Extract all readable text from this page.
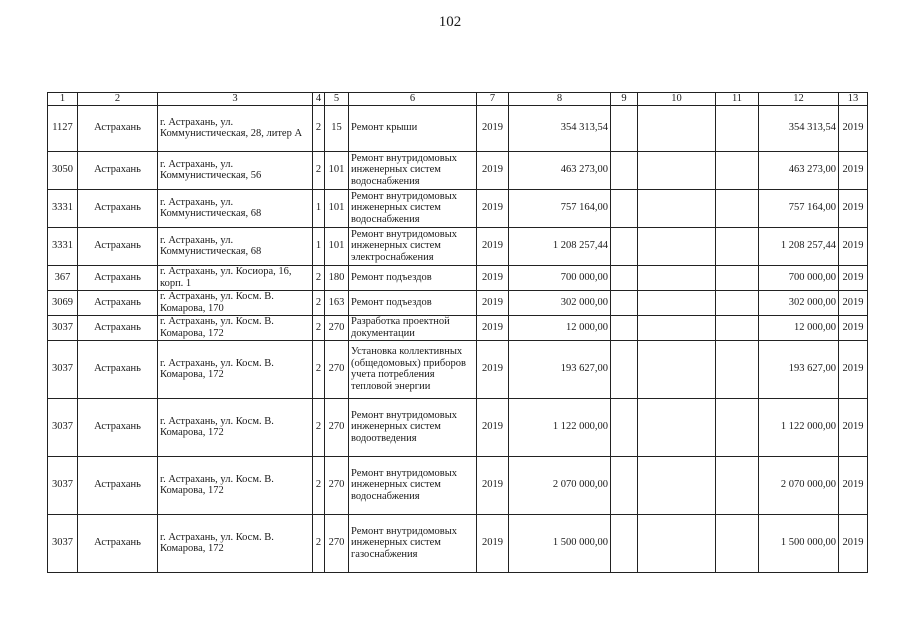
102
1	2	3	4	5	6	7	8	9	10	11	12	13
1127	Астрахань	г. Астрахань, ул. Коммунистическая, 28, литер А	2	15	Ремонт крыши	2019	354 313,54				354 313,54	2019
3050	Астрахань	г. Астрахань, ул. Коммунистическая, 56	2	101	Ремонт внутридомовых инженерных систем водоснабжения	2019	463 273,00				463 273,00	2019
3331	Астрахань	г. Астрахань, ул. Коммунистическая, 68	1	101	Ремонт внутридомовых инженерных систем водоснабжения	2019	757 164,00				757 164,00	2019
3331	Астрахань	г. Астрахань, ул. Коммунистическая, 68	1	101	Ремонт внутридомовых инженерных систем электроснабжения	2019	1 208 257,44				1 208 257,44	2019
367	Астрахань	г. Астрахань, ул. Косиора, 16, корп. 1	2	180	Ремонт подъездов	2019	700 000,00				700 000,00	2019
3069	Астрахань	г. Астрахань, ул. Косм. В. Комарова, 170	2	163	Ремонт подъездов	2019	302 000,00				302 000,00	2019
3037	Астрахань	г. Астрахань, ул. Косм. В. Комарова, 172	2	270	Разработка проектной документации	2019	12 000,00				12 000,00	2019
3037	Астрахань	г. Астрахань, ул. Косм. В. Комарова, 172	2	270	Установка коллективных (общедомовых) приборов учета потребления тепловой энергии	2019	193 627,00				193 627,00	2019
3037	Астрахань	г. Астрахань, ул. Косм. В. Комарова, 172	2	270	Ремонт внутридомовых инженерных систем водоотведения	2019	1 122 000,00				1 122 000,00	2019
3037	Астрахань	г. Астрахань, ул. Косм. В. Комарова, 172	2	270	Ремонт внутридомовых инженерных систем водоснабжения	2019	2 070 000,00				2 070 000,00	2019
3037	Астрахань	г. Астрахань, ул. Косм. В. Комарова, 172	2	270	Ремонт внутридомовых инженерных систем газоснабжения	2019	1 500 000,00				1 500 000,00	2019
